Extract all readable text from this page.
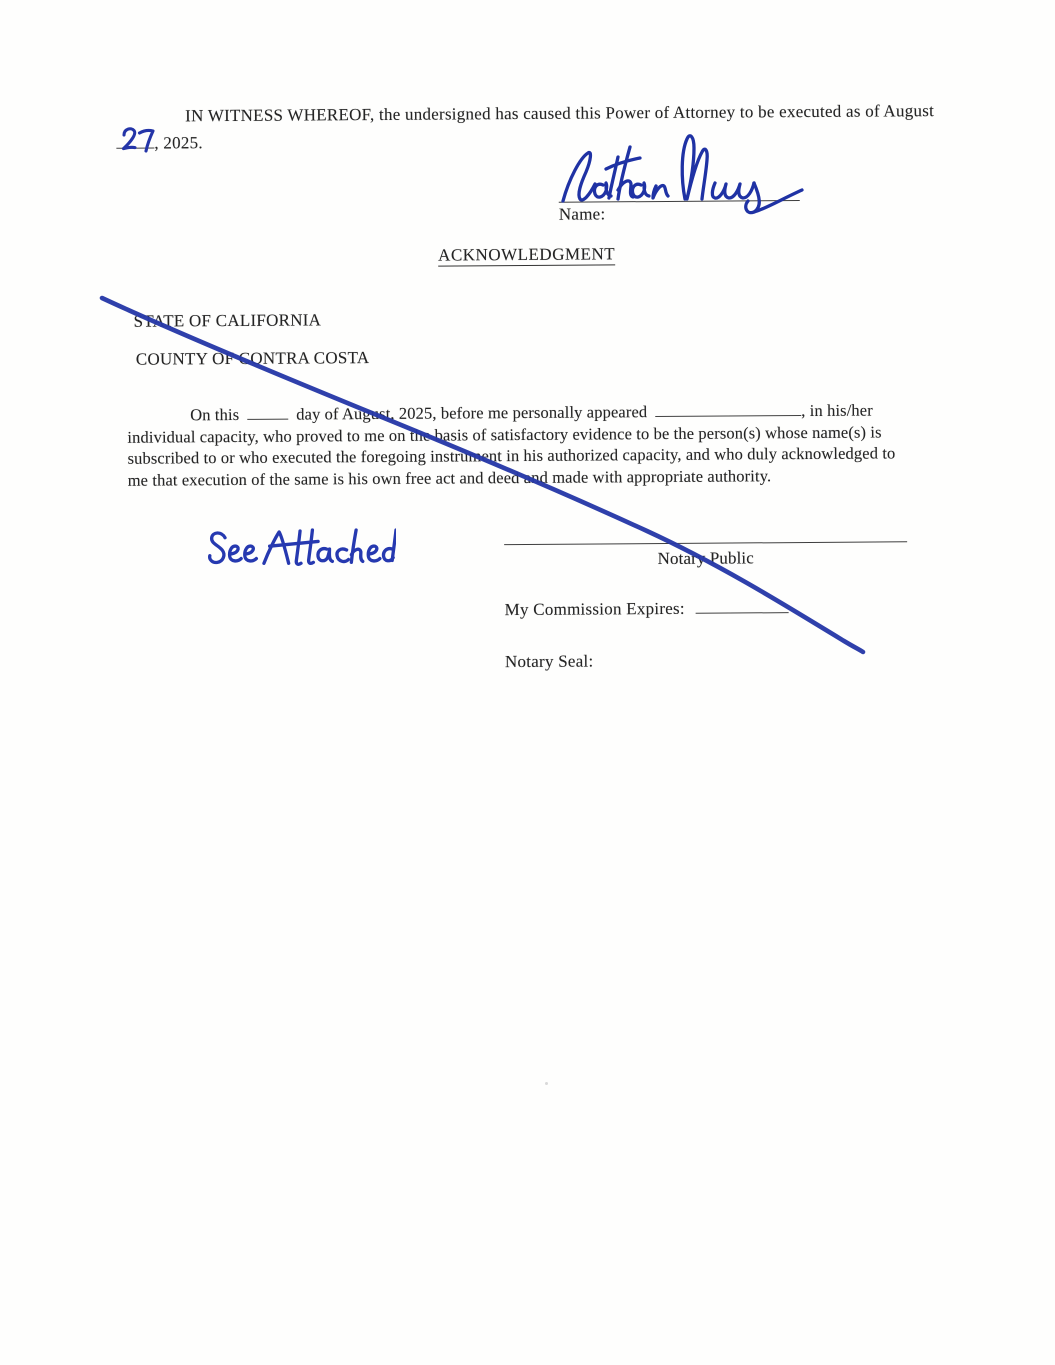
IN WITNESS WHEREOF, the undersigned has caused this Power of Attorney to be executed as of August
, 2025.
Name:
ACKNOWLEDGMENT
STATE OF CALIFORNIA
COUNTY OF CONTRA COSTA
On this	day of August, 2025, before me personally appeared	, in his/her
individual capacity, who proved to me on the basis of satisfactory evidence to be the person(s) whose name(s) is
subscribed to or who executed the foregoing instrument in his authorized capacity, and who duly acknowledged to
me that execution of the same is his own free act and deed and made with appropriate authority.
Notary Public
My Commission Expires:
Notary Seal:
